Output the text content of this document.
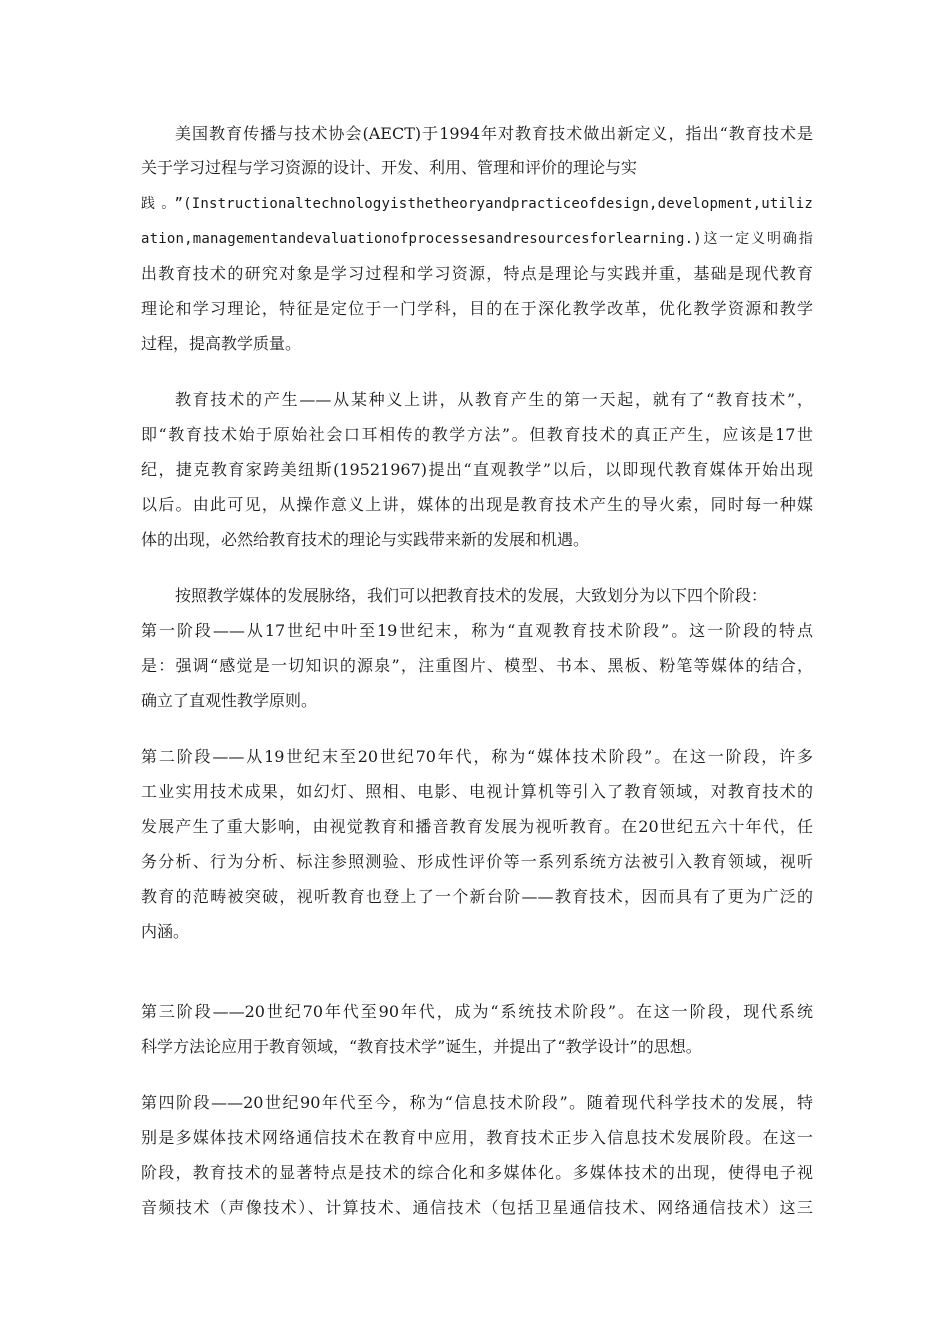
美国教育传播与技术协会(AECT)于1994年对教育技术做出新定义，指出“教育技术是
关于学习过程与学习资源的设计、开发、利用、管理和评价的理论与实
践。”(Instructionaltechnologyisthetheoryandpracticeofdesign,development,utiliz
ation,managementandevaluationofprocessesandresourcesforlearning.)这一定义明确指
出教育技术的研究对象是学习过程和学习资源，特点是理论与实践并重，基础是现代教育
理论和学习理论，特征是定位于一门学科，目的在于深化教学改革，优化教学资源和教学
过程，提高教学质量。
教育技术的产生——从某种义上讲，从教育产生的第一天起，就有了“教育技术”，
即“教育技术始于原始社会口耳相传的教学方法”。但教育技术的真正产生，应该是17世
纪，捷克教育家跨美纽斯(19521967)提出“直观教学”以后，以即现代教育媒体开始出现
以后。由此可见，从操作意义上讲，媒体的出现是教育技术产生的导火索，同时每一种媒
体的出现，必然给教育技术的理论与实践带来新的发展和机遇。
按照教学媒体的发展脉络，我们可以把教育技术的发展，大致划分为以下四个阶段：
第一阶段——从17世纪中叶至19世纪末，称为“直观教育技术阶段”。这一阶段的特点
是：强调“感觉是一切知识的源泉”，注重图片、模型、书本、黑板、粉笔等媒体的结合，
确立了直观性教学原则。
第二阶段——从19世纪末至20世纪70年代，称为“媒体技术阶段”。在这一阶段，许多
工业实用技术成果，如幻灯、照相、电影、电视计算机等引入了教育领域，对教育技术的
发展产生了重大影响，由视觉教育和播音教育发展为视听教育。在20世纪五六十年代，任
务分析、行为分析、标注参照测验、形成性评价等一系列系统方法被引入教育领域，视听
教育的范畴被突破，视听教育也登上了一个新台阶——教育技术，因而具有了更为广泛的
内涵。
第三阶段——20世纪70年代至90年代，成为“系统技术阶段”。在这一阶段，现代系统
科学方法论应用于教育领域，“教育技术学”诞生，并提出了“教学设计”的思想。
第四阶段——20世纪90年代至今，称为“信息技术阶段”。随着现代科学技术的发展，特
别是多媒体技术网络通信技术在教育中应用，教育技术正步入信息技术发展阶段。在这一
阶段，教育技术的显著特点是技术的综合化和多媒体化。多媒体技术的出现，使得电子视
音频技术（声像技术）、计算技术、通信技术（包括卫星通信技术、网络通信技术）这三
